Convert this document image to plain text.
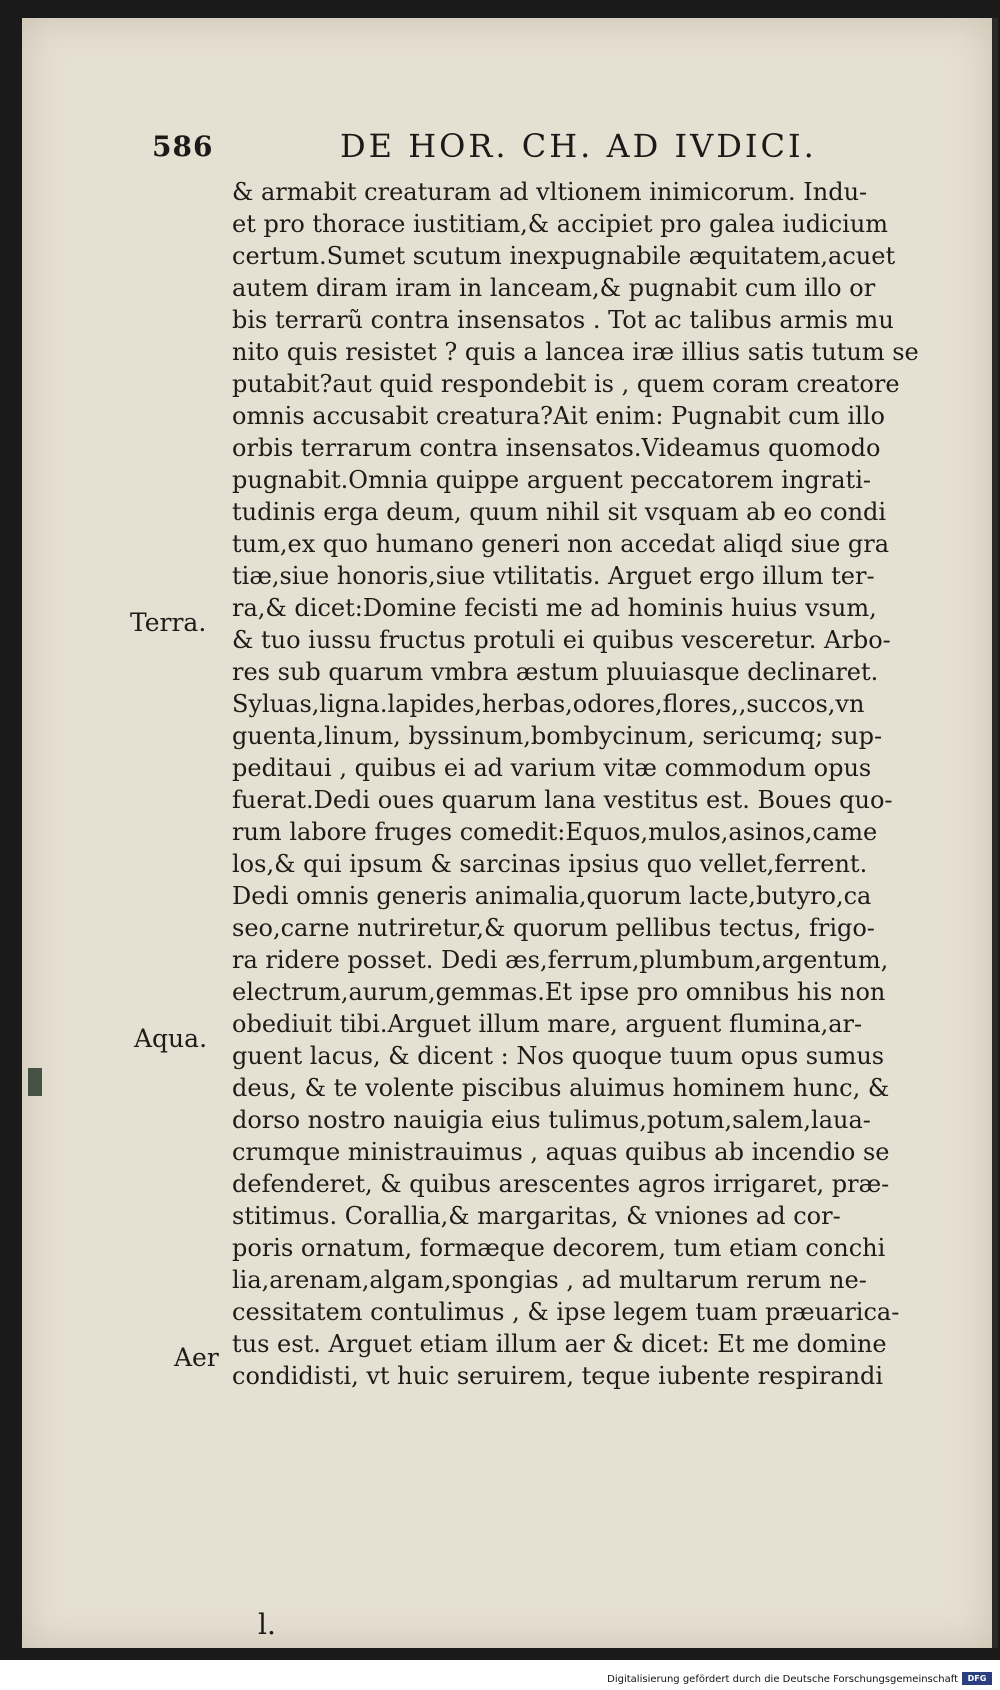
586	DE HOR. CH. AD IVDICI.
Terra.
Aqua.
Aer
& armabit creaturam ad vltionem inimicorum. Indu-
et pro thorace iustitiam,& accipiet pro galea iudicium
certum.Sumet scutum inexpugnabile æquitatem,acuet
autem diram iram in lanceam,& pugnabit cum illo or
bis terrarũ contra insensatos . Tot ac talibus armis mu
nito quis resistet ? quis a lancea iræ illius satis tutum se
putabit?aut quid respondebit is , quem coram creatore
omnis accusabit creatura?Ait enim: Pugnabit cum illo
orbis terrarum contra insensatos.Videamus quomodo
pugnabit.Omnia quippe arguent peccatorem ingrati-
tudinis erga deum, quum nihil sit vsquam ab eo condi
tum,ex quo humano generi non accedat aliqd siue gra
tiæ,siue honoris,siue vtilitatis. Arguet ergo illum ter-
ra,& dicet:Domine fecisti me ad hominis huius vsum,
& tuo iussu fructus protuli ei quibus vesceretur. Arbo-
res sub quarum vmbra æstum pluuiasque declinaret.
Syluas,ligna.lapides,herbas,odores,flores,,succos,vn
guenta,linum, byssinum,bombycinum, sericumq; sup-
peditaui , quibus ei ad varium vitæ commodum opus
fuerat.Dedi oues quarum lana vestitus est. Boues quo-
rum labore fruges comedit:Equos,mulos,asinos,came
los,& qui ipsum & sarcinas ipsius quo vellet,ferrent.
Dedi omnis generis animalia,quorum lacte,butyro,ca
seo,carne nutriretur,& quorum pellibus tectus, frigo-
ra ridere posset. Dedi æs,ferrum,plumbum,argentum,
electrum,aurum,gemmas.Et ipse pro omnibus his non
obediuit tibi.Arguet illum mare, arguent flumina,ar-
guent lacus, & dicent : Nos quoque tuum opus sumus
deus, & te volente piscibus aluimus hominem hunc, &
dorso nostro nauigia eius tulimus,potum,salem,laua-
crumque ministrauimus , aquas quibus ab incendio se
defenderet, & quibus arescentes agros irrigaret, præ-
stitimus. Corallia,& margaritas, & vniones ad cor-
poris ornatum, formæque decorem, tum etiam conchi
lia,arenam,algam,spongias , ad multarum rerum ne-
cessitatem contulimus , & ipse legem tuam præuarica-
tus est. Arguet etiam illum aer & dicet: Et me domine
condidisti, vt huic seruirem, teque iubente respirandi
l.
Digitalisierung gefördert durch die Deutsche Forschungsgemeinschaft	DFG
